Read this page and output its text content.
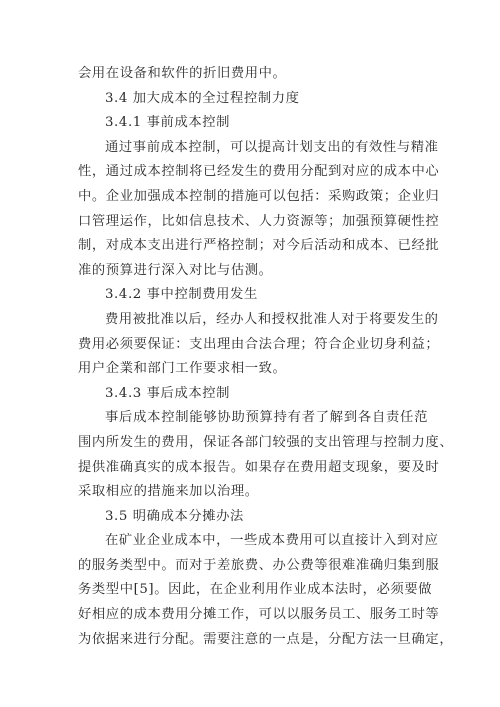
会用在设备和软件的折旧费用中。
3.4 加大成本的全过程控制力度
3.4.1 事前成本控制
通过事前成本控制，可以提高计划支出的有效性与精准
性，通过成本控制将已经发生的费用分配到对应的成本中心
中。企业加强成本控制的措施可以包括：采购政策；企业归
口管理运作，比如信息技术、人力资源等；加强预算硬性控
制，对成本支出进行严格控制；对今后活动和成本、已经批
准的预算进行深入对比与估测。
3.4.2 事中控制费用发生
费用被批准以后，经办人和授权批准人对于将要发生的
费用必须要保证：支出理由合法合理；符合企业切身利益；
用户企業和部门工作要求相一致。
3.4.3 事后成本控制
事后成本控制能够协助预算持有者了解到各自责任范
围内所发生的费用，保证各部门较强的支出管理与控制力度、
提供准确真实的成本报告。如果存在费用超支现象，要及时
采取相应的措施来加以治理。
3.5 明确成本分摊办法
在矿业企业成本中，一些成本费用可以直接计入到对应
的服务类型中。而对于差旅费、办公费等很难准确归集到服
务类型中[5]。因此，在企业利用作业成本法时，必须要做
好相应的成本费用分摊工作，可以以服务员工、服务工时等
为依据来进行分配。需要注意的一点是，分配方法一旦确定，
